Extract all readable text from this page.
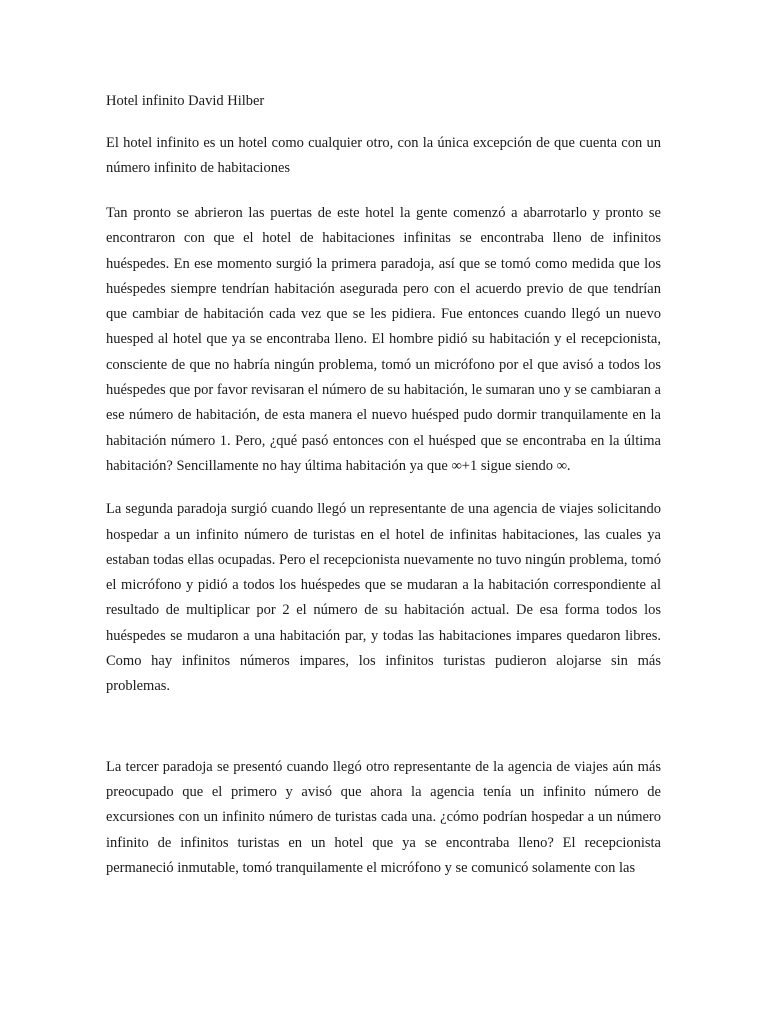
Hotel infinito David Hilber

El hotel infinito es un hotel como cualquier otro, con la única excepción de que cuenta con un número infinito de habitaciones

Tan pronto se abrieron las puertas de este hotel la gente comenzó a abarrotarlo y pronto se encontraron con que el hotel de habitaciones infinitas se encontraba lleno de infinitos huéspedes. En ese momento surgió la primera paradoja, así que se tomó como medida que los huéspedes siempre tendrían habitación asegurada pero con el acuerdo previo de que tendrían que cambiar de habitación cada vez que se les pidiera. Fue entonces cuando llegó un nuevo huesped al hotel que ya se encontraba lleno. El hombre pidió su habitación y el recepcionista, consciente de que no habría ningún problema, tomó un micrófono por el que avisó a todos los huéspedes que por favor revisaran el número de su habitación, le sumaran uno y se cambiaran a ese número de habitación, de esta manera el nuevo huésped pudo dormir tranquilamente en la habitación número 1. Pero, ¿qué pasó entonces con el huésped que se encontraba en la última habitación? Sencillamente no hay última habitación ya que ∞+1 sigue siendo ∞.

La segunda paradoja surgió cuando llegó un representante de una agencia de viajes solicitando hospedar a un infinito número de turistas en el hotel de infinitas habitaciones, las cuales ya estaban todas ellas ocupadas. Pero el recepcionista nuevamente no tuvo ningún problema, tomó el micrófono y pidió a todos los huéspedes que se mudaran a la habitación correspondiente al resultado de multiplicar por 2 el número de su habitación actual. De esa forma todos los huéspedes se mudaron a una habitación par, y todas las habitaciones impares quedaron libres. Como hay infinitos números impares, los infinitos turistas pudieron alojarse sin más problemas.

La tercer paradoja se presentó cuando llegó otro representante de la agencia de viajes aún más preocupado que el primero y avisó que ahora la agencia tenía un infinito número de excursiones con un infinito número de turistas cada una. ¿cómo podrían hospedar a un número infinito de infinitos turistas en un hotel que ya se encontraba lleno? El recepcionista permaneció inmutable, tomó tranquilamente el micrófono y se comunicó solamente con las
